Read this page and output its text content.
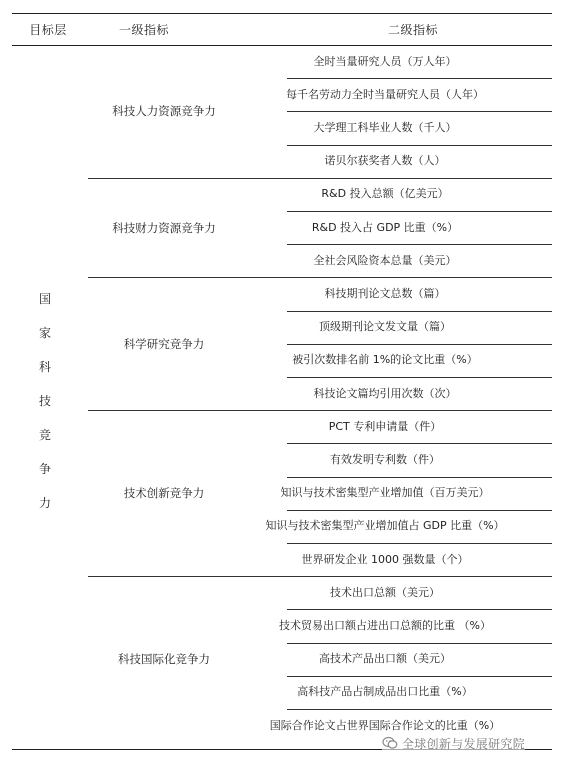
目标层	一级指标	二级指标
国
家
科
技
竞
争
力
全时当量研究人员（万人年）
每千名劳动力全时当量研究人员（人年）
大学理工科毕业人数（千人）
诺贝尔获奖者人数（人）
科技人力资源竞争力
R&D 投入总额（亿美元）
R&D 投入占 GDP 比重（%）
全社会风险资本总量（美元）
科技财力资源竞争力
科技期刊论文总数（篇）
顶级期刊论文发文量（篇）
被引次数排名前 1%的论文比重（%）
科技论文篇均引用次数（次）
科学研究竞争力
PCT 专利申请量（件）
有效发明专利数（件）
知识与技术密集型产业增加值（百万美元）
知识与技术密集型产业增加值占 GDP 比重（%）
世界研发企业 1000 强数量（个）
技术创新竞争力
技术出口总额（美元）
技术贸易出口额占进出口总额的比重 （%）
高技术产品出口额（美元）
高科技产品占制成品出口比重（%）
国际合作论文占世界国际合作论文的比重（%）
科技国际化竞争力
全球创新与发展研究院
